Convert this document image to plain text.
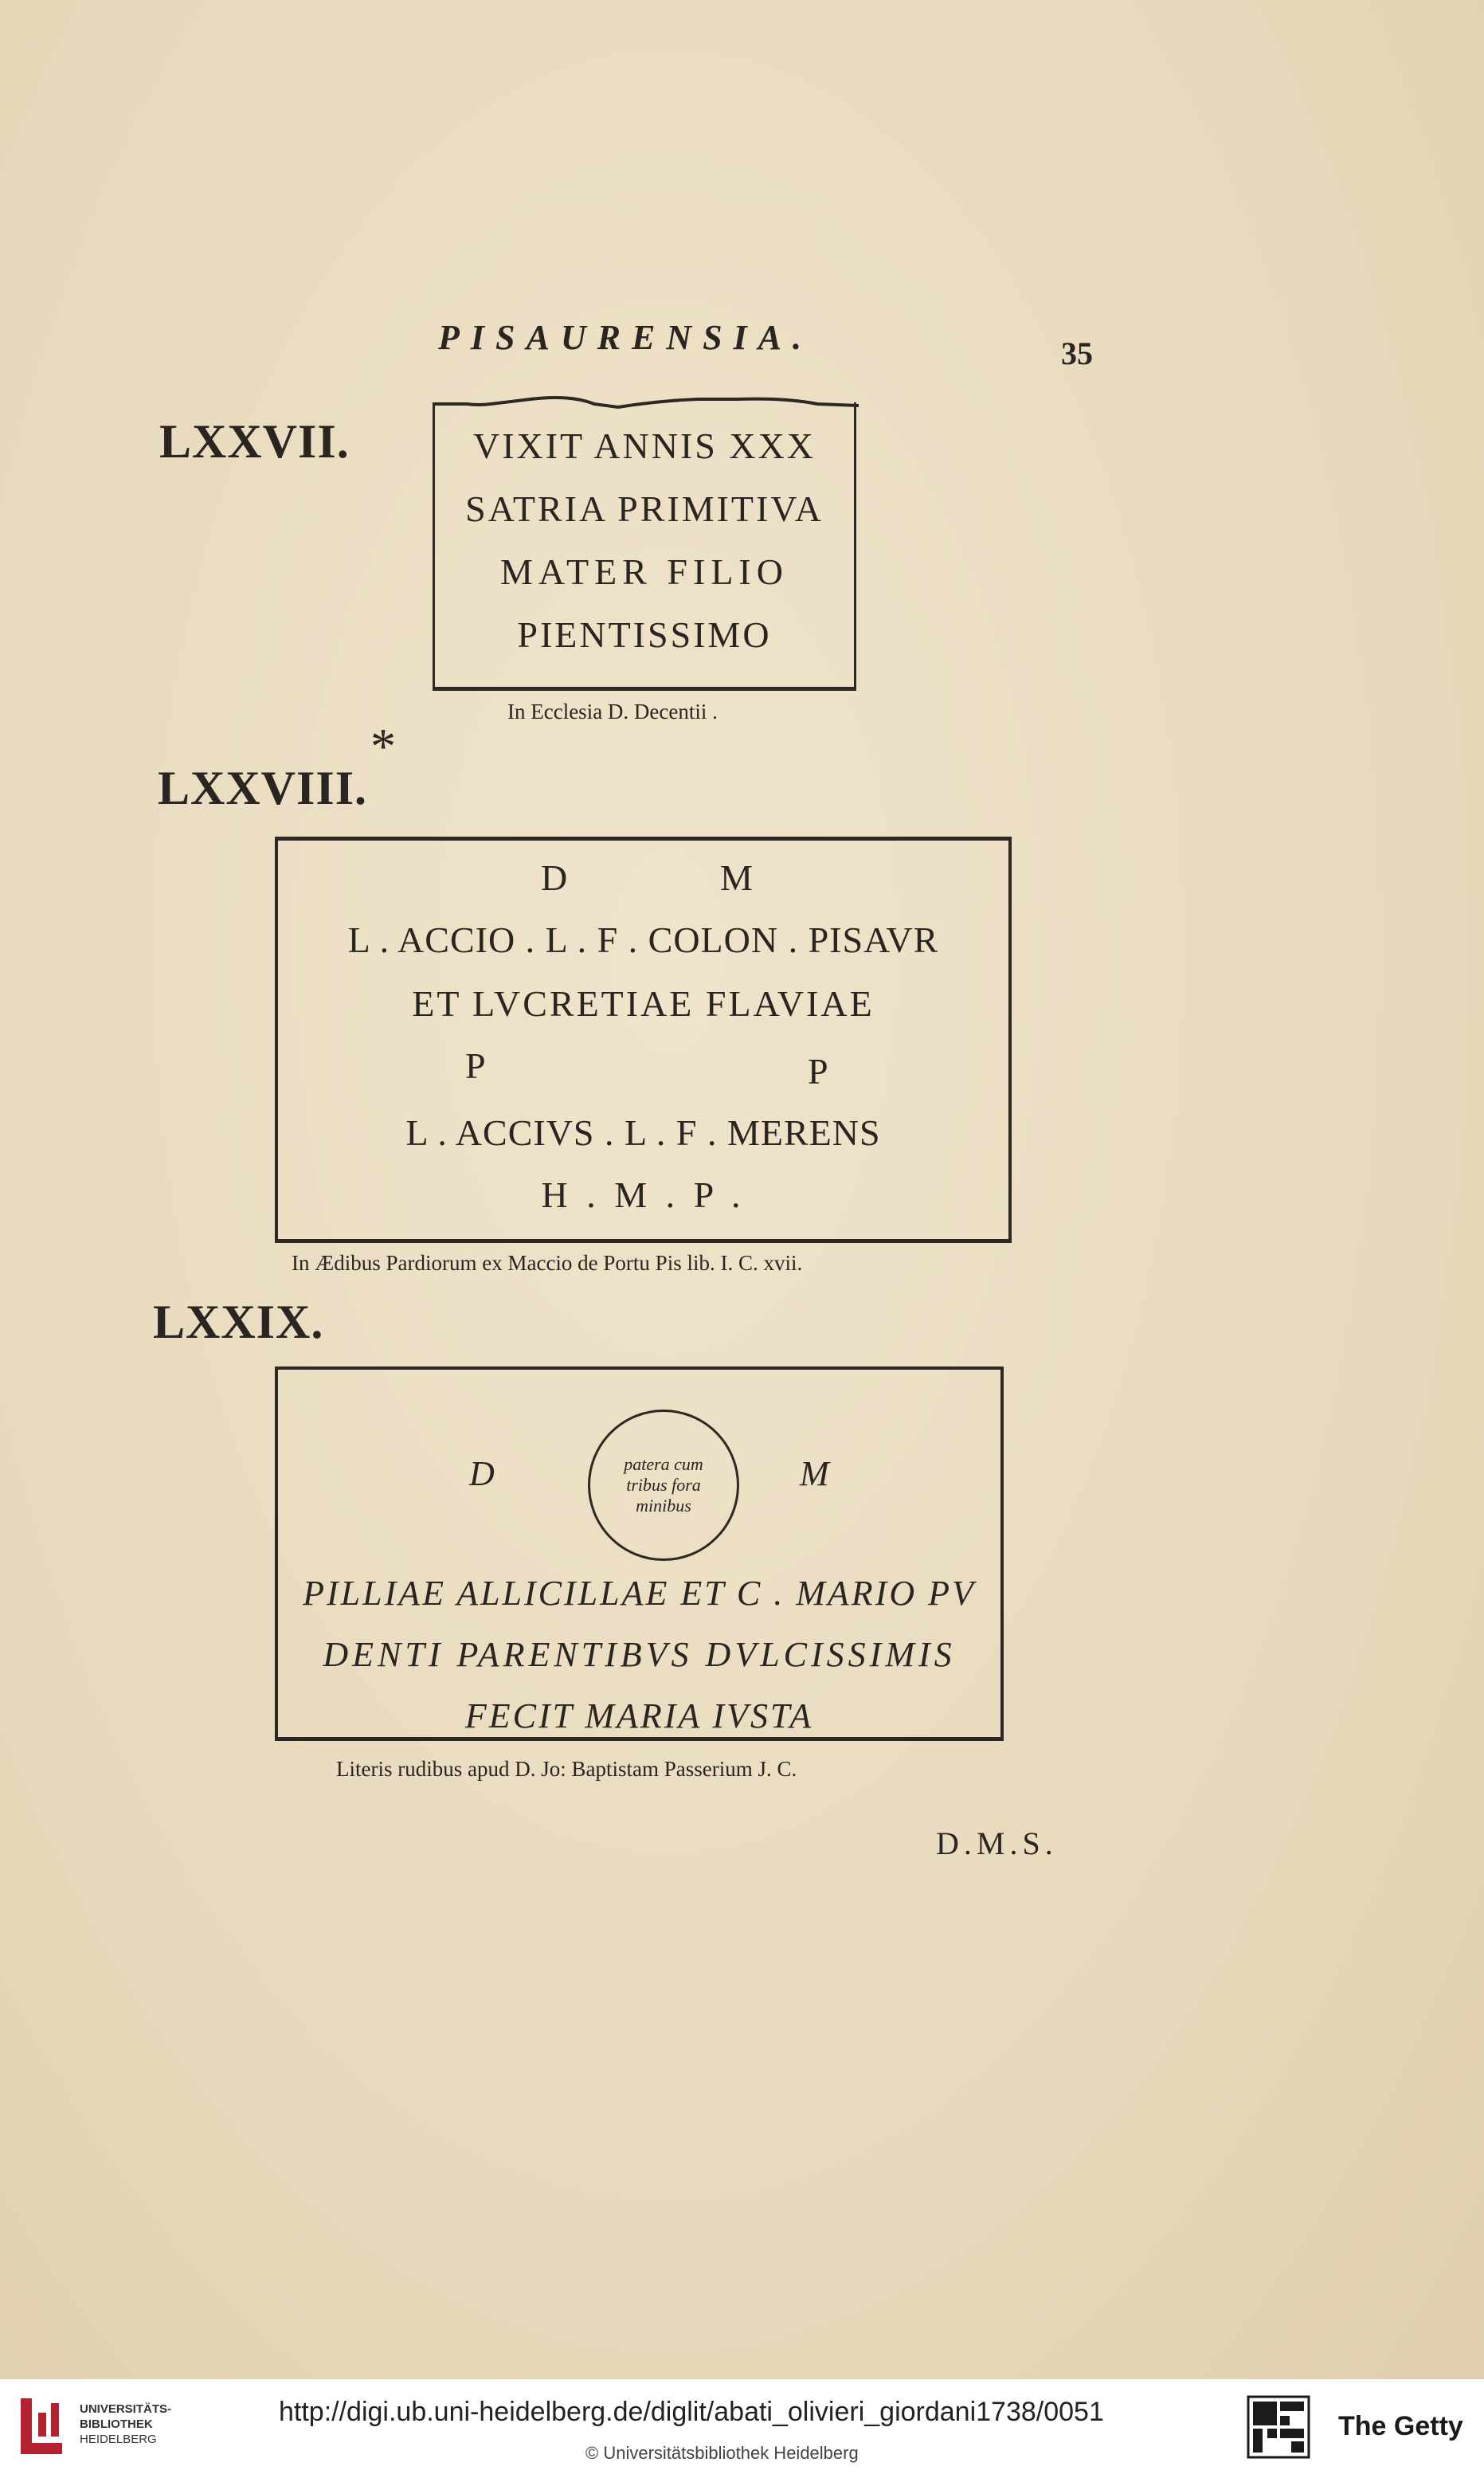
PISAURENSIA.	35
LXXVII.	VIXIT ANNIS XXX
SATRIA PRIMITIVA
MATER FILIO
PIENTISSIMO
In Ecclesia D. Decentii .
*
LXXVIII.
D	M
L . ACCIO . L . F . COLON . PISAVR
ET LVCRETIAE FLAVIAE
P	P
L . ACCIVS . L . F . MERENS
H . M . P .
In Ædibus Pardiorum ex Maccio de Portu Pis lib. I. C. xvii.
LXXIX.
D	patera cum
tribus fora
minibus
M
PILLIAE ALLICILLAE ET C . MARIO PV
DENTI PARENTIBVS DVLCISSIMIS
FECIT MARIA IVSTA
Literis rudibus apud D. Jo: Baptistam Passerium J. C.
D.M.S.
UNIVERSITÄTS-
BIBLIOTHEK
HEIDELBERG
http://digi.ub.uni-heidelberg.de/diglit/abati_olivieri_giordani1738/0051
© Universitätsbibliothek Heidelberg
The Getty
